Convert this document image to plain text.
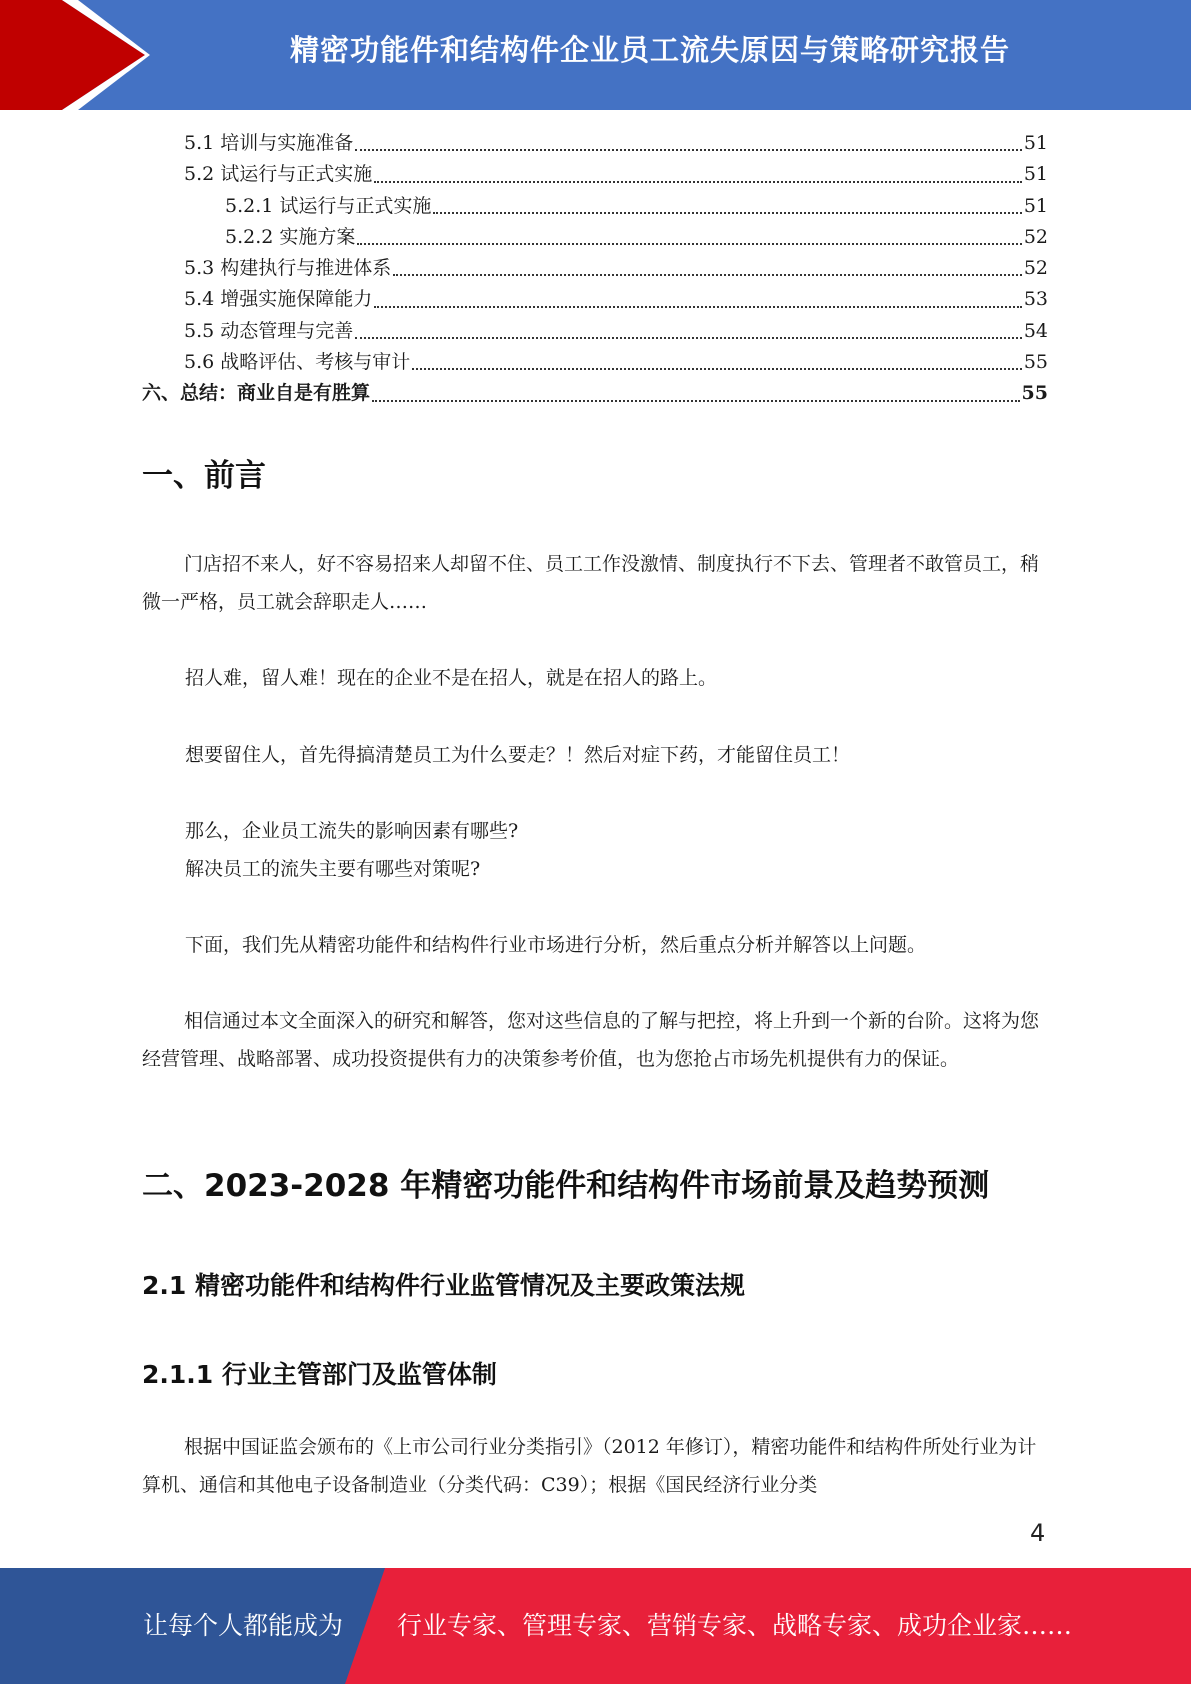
精密功能件和结构件企业员工流失原因与策略研究报告
5.1 培训与实施准备	51
5.2 试运行与正式实施	51
5.2.1 试运行与正式实施	51
5.2.2 实施方案	52
5.3 构建执行与推进体系	52
5.4 增强实施保障能力	53
5.5 动态管理与完善	54
5.6 战略评估、考核与审计	55
六、总结：商业自是有胜算	55
一、前言

门店招不来人，好不容易招来人却留不住、员工工作没激情、制度执行不下去、管理者不敢管员工，稍微一严格，员工就会辞职走人……

招人难，留人难！现在的企业不是在招人，就是在招人的路上。
想要留住人，首先得搞清楚员工为什么要走？！然后对症下药，才能留住员工！
那么，企业员工流失的影响因素有哪些?
解决员工的流失主要有哪些对策呢?
下面，我们先从精密功能件和结构件行业市场进行分析，然后重点分析并解答以上问题。

相信通过本文全面深入的研究和解答，您对这些信息的了解与把控，将上升到一个新的台阶。这将为您经营管理、战略部署、成功投资提供有力的决策参考价值，也为您抢占市场先机提供有力的保证。

二、2023-2028 年精密功能件和结构件市场前景及趋势预测
2.1 精密功能件和结构件行业监管情况及主要政策法规
2.1.1 行业主管部门及监管体制

根据中国证监会颁布的《上市公司行业分类指引》（2012 年修订），精密功能件和结构件所处行业为计算机、通信和其他电子设备制造业（分类代码：C39）；根据《国民经济行业分类

4
让每个人都能成为 行业专家、管理专家、营销专家、战略专家、成功企业家……
